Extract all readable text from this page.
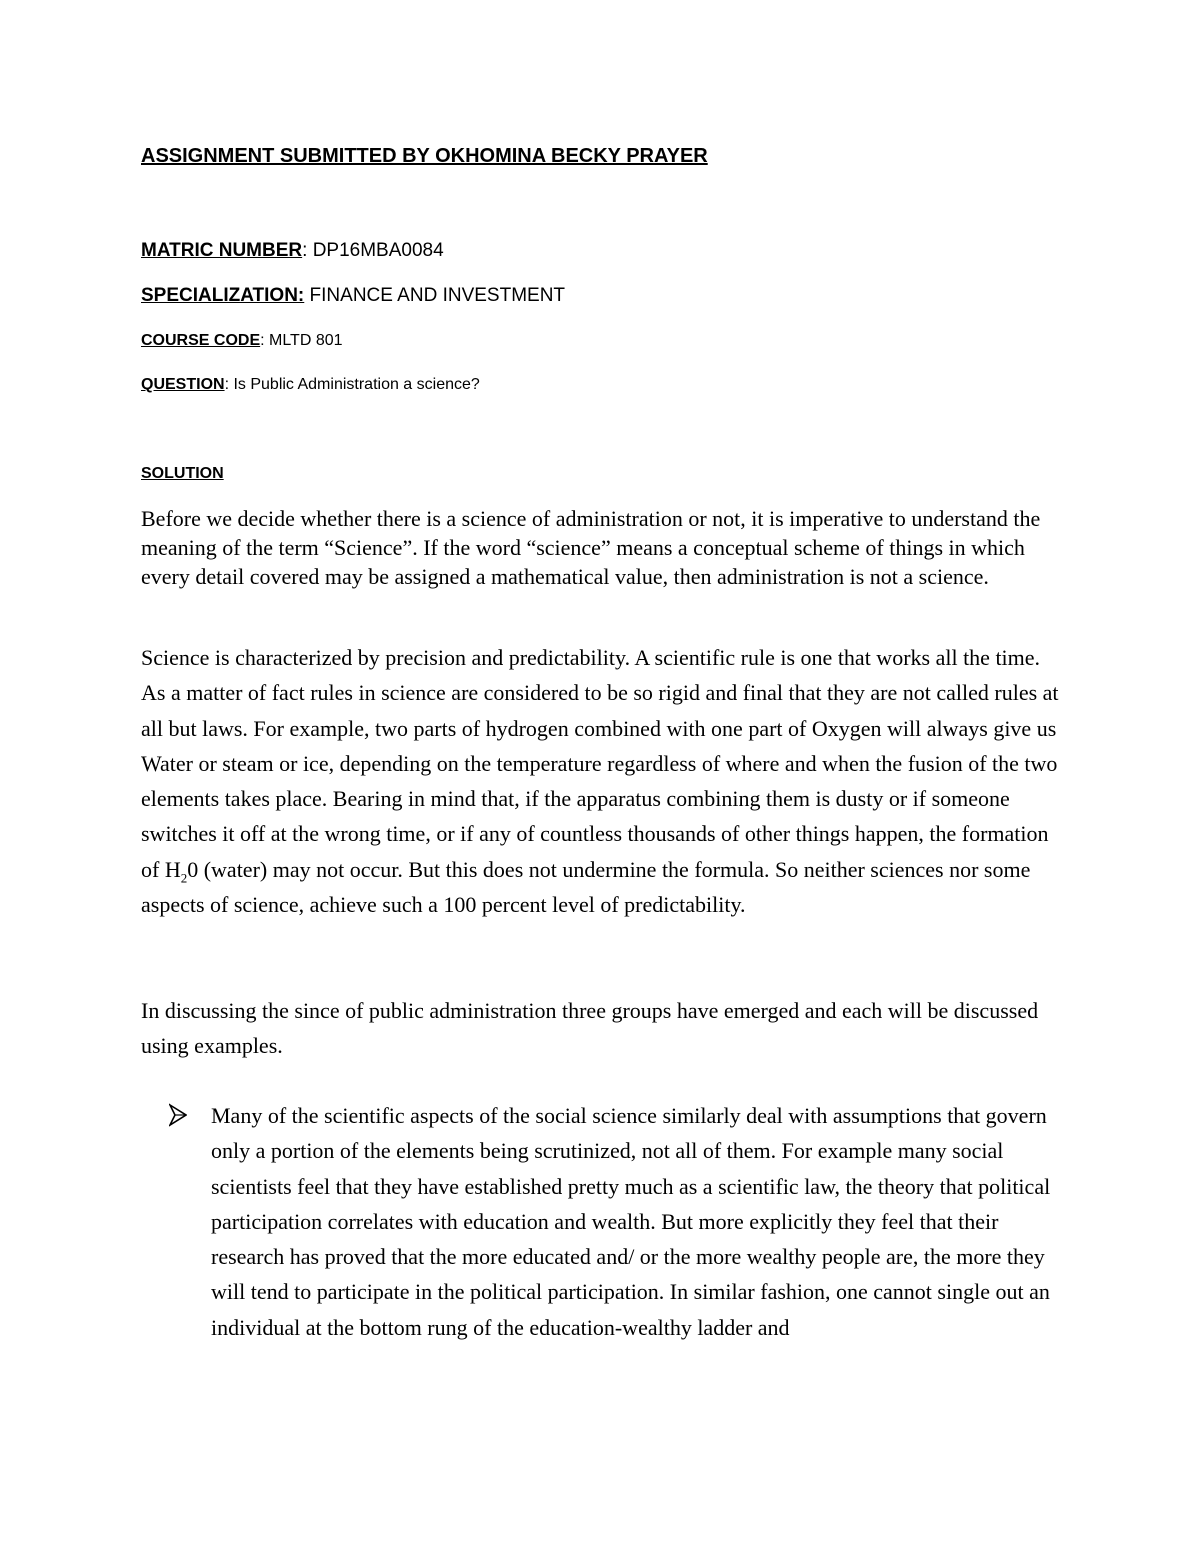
ASSIGNMENT SUBMITTED BY OKHOMINA BECKY PRAYER
MATRIC NUMBER: DP16MBA0084
SPECIALIZATION: FINANCE AND INVESTMENT
COURSE CODE: MLTD 801
QUESTION: Is Public Administration a science?
SOLUTION

Before we decide whether there is a science of administration or not, it is imperative to understand the meaning of the term “Science”. If the word “science” means a conceptual scheme of things in which every detail covered may be assigned a mathematical value, then administration is not a science.

Science is characterized by precision and predictability. A scientific rule is one that works all the time. As a matter of fact rules in science are considered to be so rigid and final that they are not called rules at all but laws. For example, two parts of hydrogen combined with one part of Oxygen will always give us Water or steam or ice, depending on the temperature regardless of where and when the fusion of the two elements takes place. Bearing in mind that, if the apparatus combining them is dusty or if someone switches it off at the wrong time, or if any of countless thousands of other things happen, the formation of $H_20$ (water) may not occur. But this does not undermine the formula. So neither sciences nor some aspects of science, achieve such a 100 percent level of predictability.

In discussing the since of public administration three groups have emerged and each will be discussed using examples.

Many of the scientific aspects of the social science similarly deal with assumptions that govern only a portion of the elements being scrutinized, not all of them. For example many social scientists feel that they have established pretty much as a scientific law, the theory that political participation correlates with education and wealth. But more explicitly they feel that their research has proved that the more educated and/ or the more wealthy people are, the more they will tend to participate in the political participation. In similar fashion, one cannot single out an individual at the bottom rung of the education-wealthy ladder and
